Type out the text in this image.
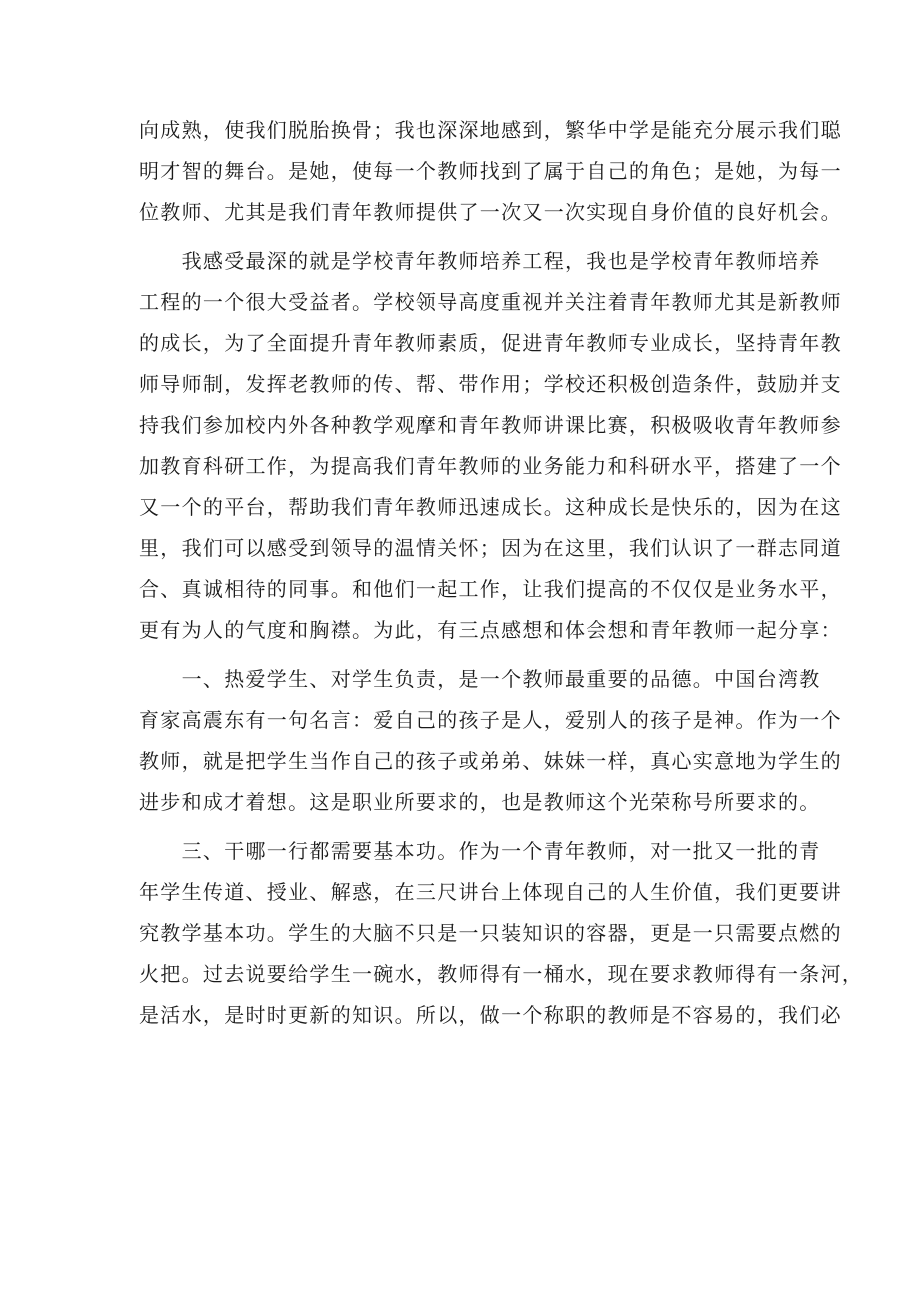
向成熟，使我们脱胎换骨；我也深深地感到，繁华中学是能充分展示我们聪
明才智的舞台。是她，使每一个教师找到了属于自己的角色；是她，为每一
位教师、尤其是我们青年教师提供了一次又一次实现自身价值的良好机会。
　　我感受最深的就是学校青年教师培养工程，我也是学校青年教师培养
工程的一个很大受益者。学校领导高度重视并关注着青年教师尤其是新教师
的成长，为了全面提升青年教师素质，促进青年教师专业成长，坚持青年教
师导师制，发挥老教师的传、帮、带作用；学校还积极创造条件，鼓励并支
持我们参加校内外各种教学观摩和青年教师讲课比赛，积极吸收青年教师参
加教育科研工作，为提高我们青年教师的业务能力和科研水平，搭建了一个
又一个的平台，帮助我们青年教师迅速成长。这种成长是快乐的，因为在这
里，我们可以感受到领导的温情关怀；因为在这里，我们认识了一群志同道
合、真诚相待的同事。和他们一起工作，让我们提高的不仅仅是业务水平，
更有为人的气度和胸襟。为此，有三点感想和体会想和青年教师一起分享：
　　一、热爱学生、对学生负责，是一个教师最重要的品德。中国台湾教
育家高震东有一句名言：爱自己的孩子是人，爱别人的孩子是神。作为一个
教师，就是把学生当作自己的孩子或弟弟、妹妹一样，真心实意地为学生的
进步和成才着想。这是职业所要求的，也是教师这个光荣称号所要求的。
　　三、干哪一行都需要基本功。作为一个青年教师，对一批又一批的青
年学生传道、授业、解惑，在三尺讲台上体现自己的人生价值，我们更要讲
究教学基本功。学生的大脑不只是一只装知识的容器，更是一只需要点燃的
火把。过去说要给学生一碗水，教师得有一桶水，现在要求教师得有一条河，
是活水，是时时更新的知识。所以，做一个称职的教师是不容易的，我们必
